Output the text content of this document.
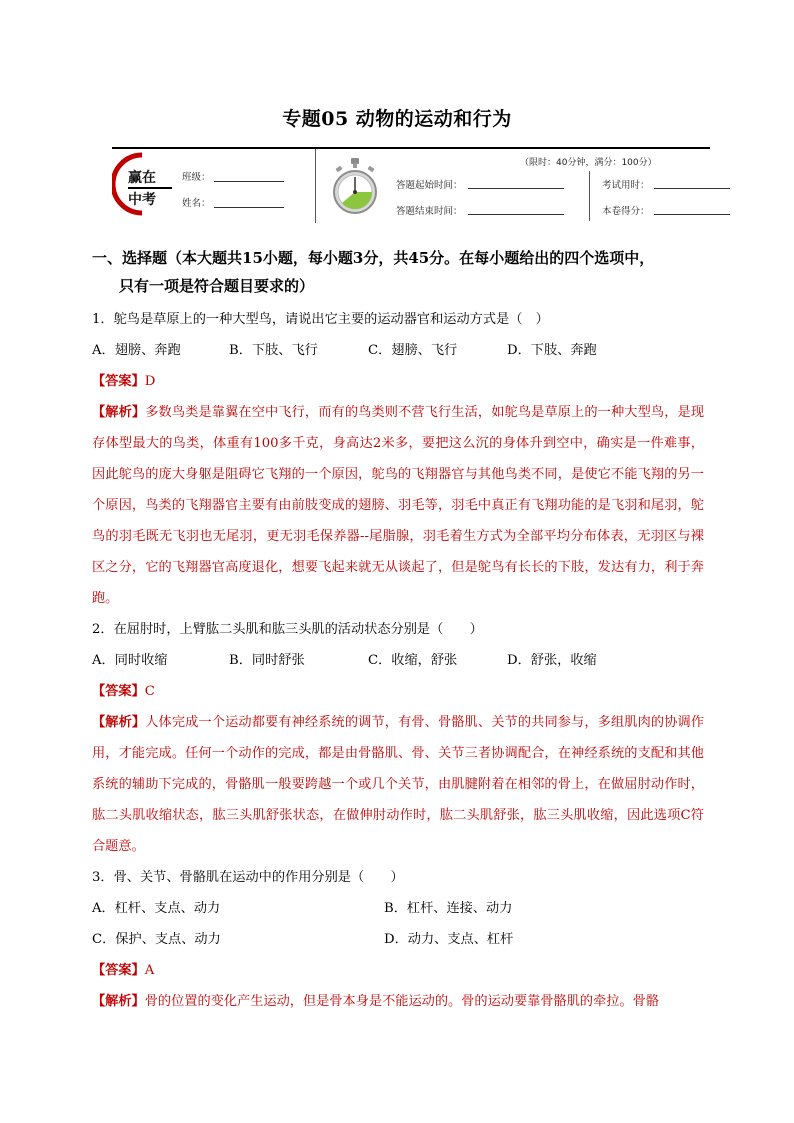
专题05 动物的运动和行为
赢在
中考
班级：
姓名：
（限时：40分钟，满分：100分）
答题起始时间：
答题结束时间：
考试用时：
本卷得分：
一、选择题（本大题共15小题，每小题3分，共45分。在每小题给出的四个选项中，
只有一项是符合题目要求的）
1．鸵鸟是草原上的一种大型鸟，请说出它主要的运动器官和运动方式是（　）
A．翅膀、奔跑	B．下肢、飞行	C．翅膀、飞行	D．下肢、奔跑
【答案】D

【解析】多数鸟类是靠翼在空中飞行，而有的鸟类则不营飞行生活，如鸵鸟是草原上的一种大型鸟，是现存体型最大的鸟类，体重有100多千克，身高达2米多，要把这么沉的身体升到空中，确实是一件难事，因此鸵鸟的庞大身躯是阻碍它飞翔的一个原因，鸵鸟的飞翔器官与其他鸟类不同，是使它不能飞翔的另一个原因，鸟类的飞翔器官主要有由前肢变成的翅膀、羽毛等，羽毛中真正有飞翔功能的是飞羽和尾羽，鸵鸟的羽毛既无飞羽也无尾羽，更无羽毛保养器--尾脂腺，羽毛着生方式为全部平均分布体表，无羽区与裸区之分，它的飞翔器官高度退化，想要飞起来就无从谈起了，但是鸵鸟有长长的下肢，发达有力，利于奔跑。

2．在屈肘时，上臂肱二头肌和肱三头肌的活动状态分别是（　　）
A．同时收缩	B．同时舒张	C．收缩，舒张	D．舒张，收缩
【答案】C

【解析】人体完成一个运动都要有神经系统的调节，有骨、骨骼肌、关节的共同参与，多组肌肉的协调作用，才能完成。任何一个动作的完成，都是由骨骼肌、骨、关节三者协调配合，在神经系统的支配和其他系统的辅助下完成的，骨骼肌一般要跨越一个或几个关节，由肌腱附着在相邻的骨上，在做屈肘动作时，肱二头肌收缩状态，肱三头肌舒张状态，在做伸肘动作时，肱二头肌舒张，肱三头肌收缩，因此选项C符合题意。

3．骨、关节、骨骼肌在运动中的作用分别是（　　）
A．杠杆、支点、动力	B．杠杆、连接、动力
C．保护、支点、动力	D．动力、支点、杠杆
【答案】A

【解析】骨的位置的变化产生运动，但是骨本身是不能运动的。骨的运动要靠骨骼肌的牵拉。骨骼
